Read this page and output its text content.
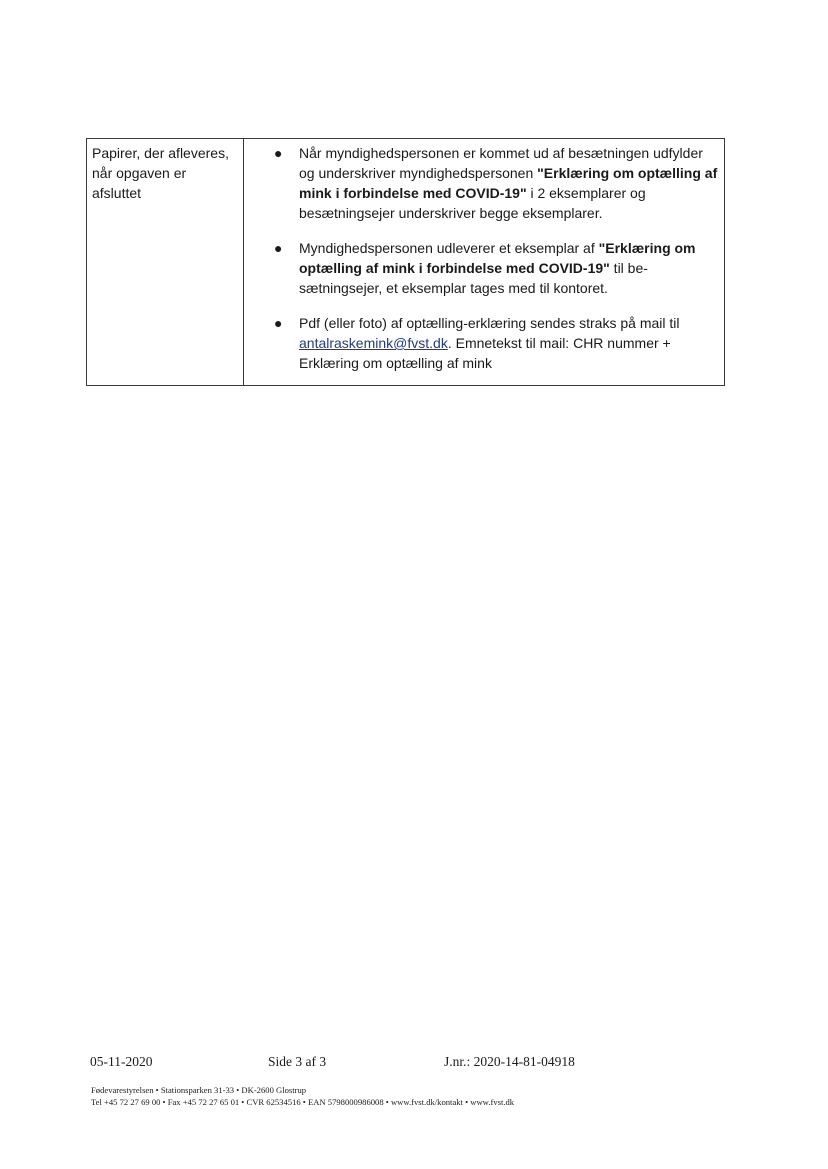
Papirer, der afleveres, når opgaven er afsluttet
● Når myndighedspersonen er kommet ud af besætningen udfylder og underskriver myndighedspersonen "Erklæring om optælling af mink i forbindelse med COVID-19" i 2 eksemplarer og besætningsejer underskriver begge eksemplarer.
● Myndighedspersonen udleverer et eksemplar af "Erklæring om optælling af mink i forbindelse med COVID-19" til besætningsejer, et eksemplar tages med til kontoret.
● Pdf (eller foto) af optælling-erklæring sendes straks på mail til antalraskemink@fvst.dk. Emnetekst til mail: CHR nummer + Erklæring om optælling af mink
05-11-2020	Side 3 af 3	J.nr.: 2020-14-81-04918
Fødevarestyrelsen • Stationsparken 31-33 • DK-2600 Glostrup
Tel +45 72 27 69 00 • Fax +45 72 27 65 01 • CVR 62534516 • EAN 5798000986008 • www.fvst.dk/kontakt • www.fvst.dk
